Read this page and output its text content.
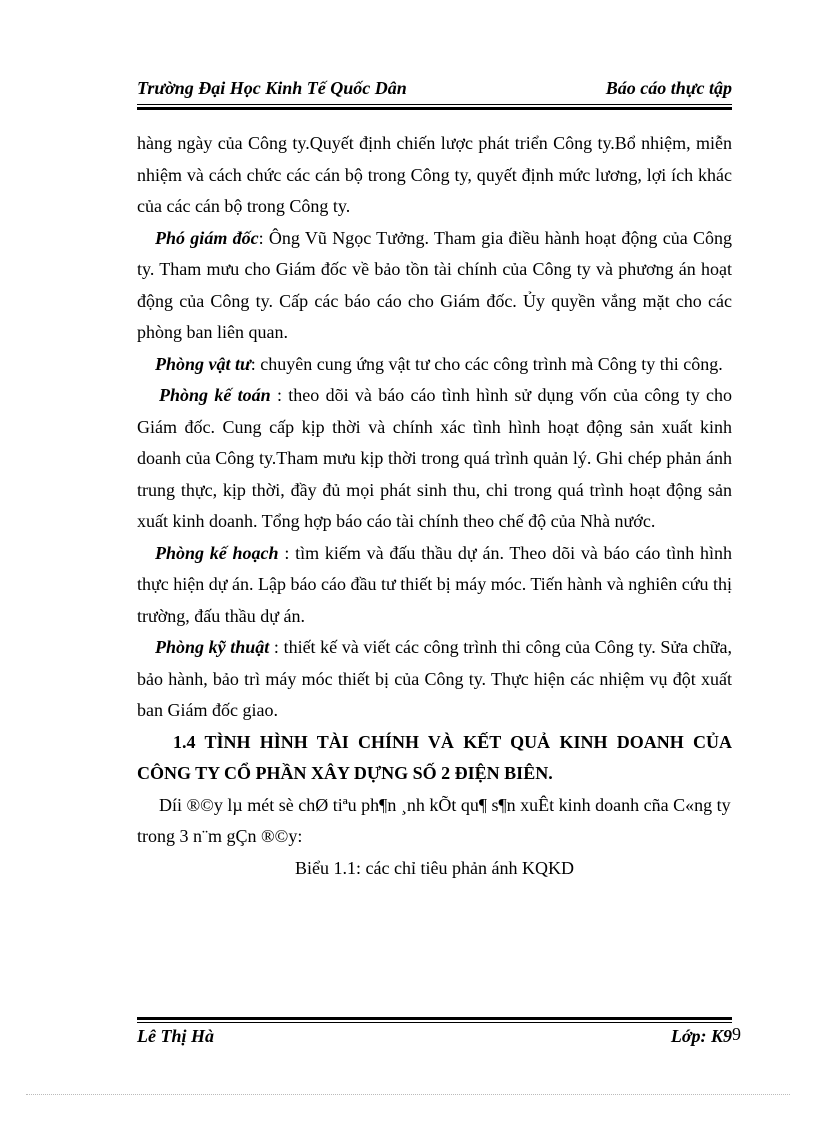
Trường Đại Học Kinh Tế Quốc Dân	Báo cáo thực tập

hàng ngày của Công ty.Quyết định chiến lược phát triển Công ty.Bổ nhiệm, miễn nhiệm và cách chức các cán bộ trong Công ty, quyết định mức lương, lợi ích khác của các cán bộ trong Công ty.

Phó giám đốc: Ông Vũ Ngọc Tưởng. Tham gia điều hành hoạt động của Công ty. Tham mưu cho Giám đốc về bảo tồn tài chính của Công ty và phương án hoạt động của Công ty. Cấp các báo cáo cho Giám đốc. Ủy quyền vắng mặt cho các phòng ban liên quan.

Phòng vật tư: chuyên cung ứng vật tư cho các công trình mà Công ty thi công.

Phòng kế toán : theo dõi và báo cáo tình hình sử dụng vốn của công ty cho Giám đốc. Cung cấp kịp thời và chính xác tình hình hoạt động sản xuất kinh doanh của Công ty.Tham mưu kịp thời trong quá trình quản lý. Ghi chép phản ánh trung thực, kịp thời, đầy đủ mọi phát sinh thu, chi trong quá trình hoạt động sản xuất kinh doanh. Tổng hợp báo cáo tài chính theo chế độ của Nhà nước.

Phòng kế hoạch : tìm kiếm và đấu thầu dự án. Theo dõi và báo cáo tình hình thực hiện dự án. Lập báo cáo đầu tư thiết bị máy móc. Tiến hành và nghiên cứu thị trường, đấu thầu dự án.

Phòng kỹ thuật : thiết kế và viết các công trình thi công của Công ty. Sửa chữa, bảo hành, bảo trì máy móc thiết bị của Công ty. Thực hiện các nhiệm vụ đột xuất ban Giám đốc giao.

1.4 TÌNH HÌNH TÀI CHÍNH VÀ KẾT QUẢ KINH DOANH CỦA CÔNG TY CỔ PHẦN XÂY DỰNG SỐ 2 ĐIỆN BIÊN.

Díi ®©y lµ mét sè chØ tiªu ph¶n ¸nh kÕt qu¶ s¶n xuÊt kinh doanh cña C«ng ty trong 3 n¨m gÇn ®©y:

Biểu 1.1: các chỉ tiêu phản ánh KQKD

Lê Thị Hà	Lớp: K9 9
